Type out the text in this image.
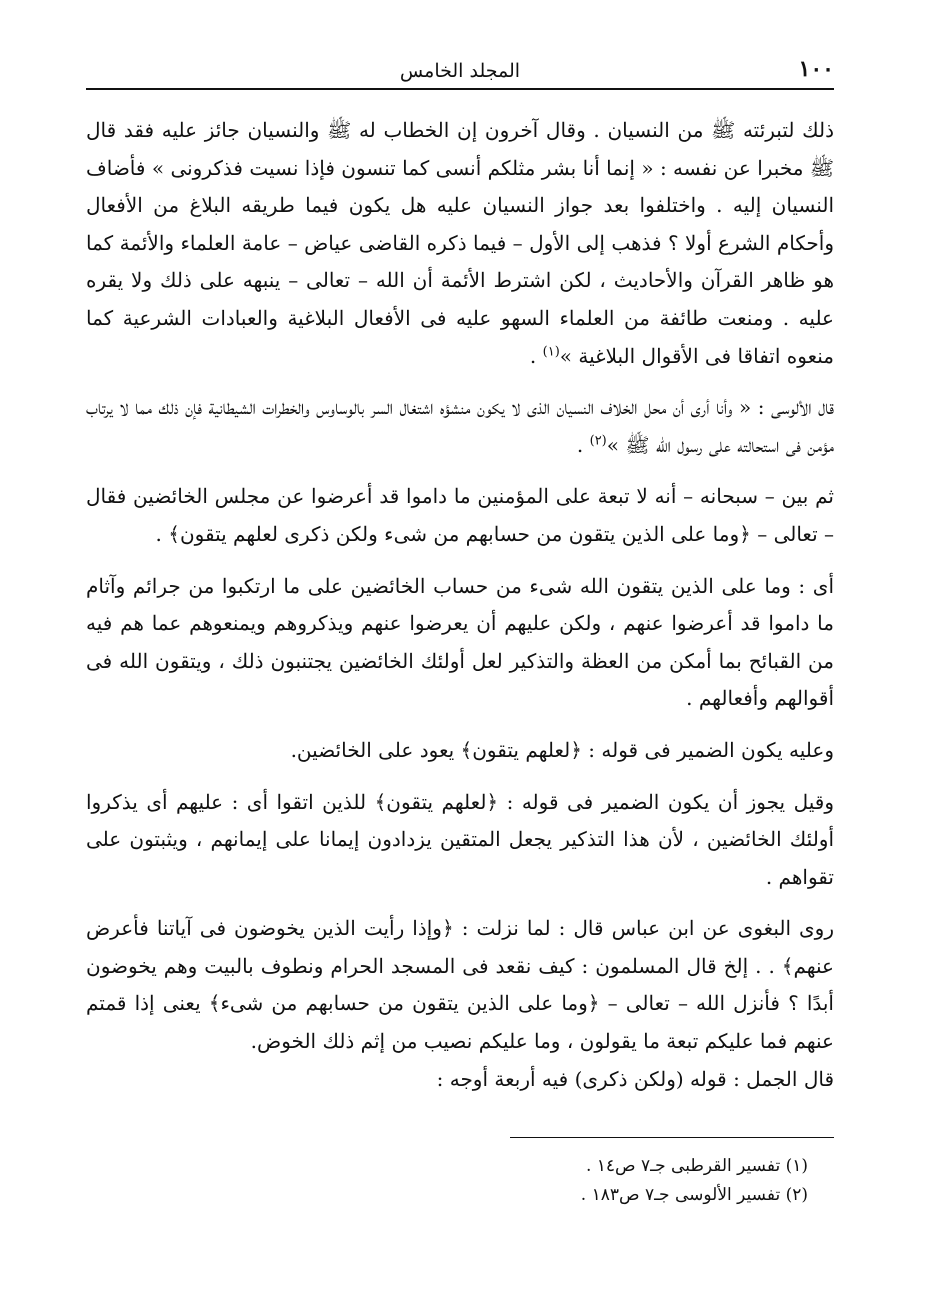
١٠٠
المجلد الخامس

ذلك لتبرئته ﷺ من النسيان . وقال آخرون إن الخطاب له ﷺ والنسيان جائز عليه فقد قال ﷺ مخبرا عن نفسه : « إنما أنا بشر مثلكم أنسى كما تنسون فإذا نسيت فذكرونى » فأضاف النسيان إليه . واختلفوا بعد جواز النسيان عليه هل يكون فيما طريقه البلاغ من الأفعال وأحكام الشرع أولا ؟ فذهب إلى الأول – فيما ذكره القاضى عياض – عامة العلماء والأئمة كما هو ظاهر القرآن والأحاديث ، لكن اشترط الأئمة أن الله – تعالى – ينبهه على ذلك ولا يقره عليه . ومنعت طائفة من العلماء السهو عليه فى الأفعال البلاغية والعبادات الشرعية كما منعوه اتفاقا فى الأقوال البلاغية »$^{(١)}$ .

قال الألوسى : « وأنا أرى أن محل الخلاف النسيان الذى لا يكون منشؤه اشتغال السر بالوساوس والخطرات الشيطانية فإن ذلك مما لا يرتاب مؤمن فى استحالته على رسول الله ﷺ »$^{(٢)}$ .

ثم بين – سبحانه – أنه لا تبعة على المؤمنين ما داموا قد أعرضوا عن مجلس الخائضين فقال – تعالى – ﴿وما على الذين يتقون من حسابهم من شىء ولكن ذكرى لعلهم يتقون﴾ .

أى : وما على الذين يتقون الله شىء من حساب الخائضين على ما ارتكبوا من جرائم وآثام ما داموا قد أعرضوا عنهم ، ولكن عليهم أن يعرضوا عنهم ويذكروهم ويمنعوهم عما هم فيه من القبائح بما أمكن من العظة والتذكير لعل أولئك الخائضين يجتنبون ذلك ، ويتقون الله فى أقوالهم وأفعالهم .

وعليه يكون الضمير فى قوله : ﴿لعلهم يتقون﴾ يعود على الخائضين.

وقيل يجوز أن يكون الضمير فى قوله : ﴿لعلهم يتقون﴾ للذين اتقوا أى : عليهم أى يذكروا أولئك الخائضين ، لأن هذا التذكير يجعل المتقين يزدادون إيمانا على إيمانهم ، ويثبتون على تقواهم .

روى البغوى عن ابن عباس قال : لما نزلت : ﴿وإذا رأيت الذين يخوضون فى آياتنا فأعرض عنهم﴾ . . إلخ قال المسلمون : كيف نقعد فى المسجد الحرام ونطوف بالبيت وهم يخوضون أبدًا ؟ فأنزل الله – تعالى – ﴿وما على الذين يتقون من حسابهم من شىء﴾ يعنى إذا قمتم عنهم فما عليكم تبعة ما يقولون ، وما عليكم نصيب من إثم ذلك الخوض.

قال الجمل : قوله (ولكن ذكرى) فيه أربعة أوجه :

(١) تفسير القرطبى جـ٧ ص١٤ .
(٢) تفسير الألوسى جـ٧ ص١٨٣ .
